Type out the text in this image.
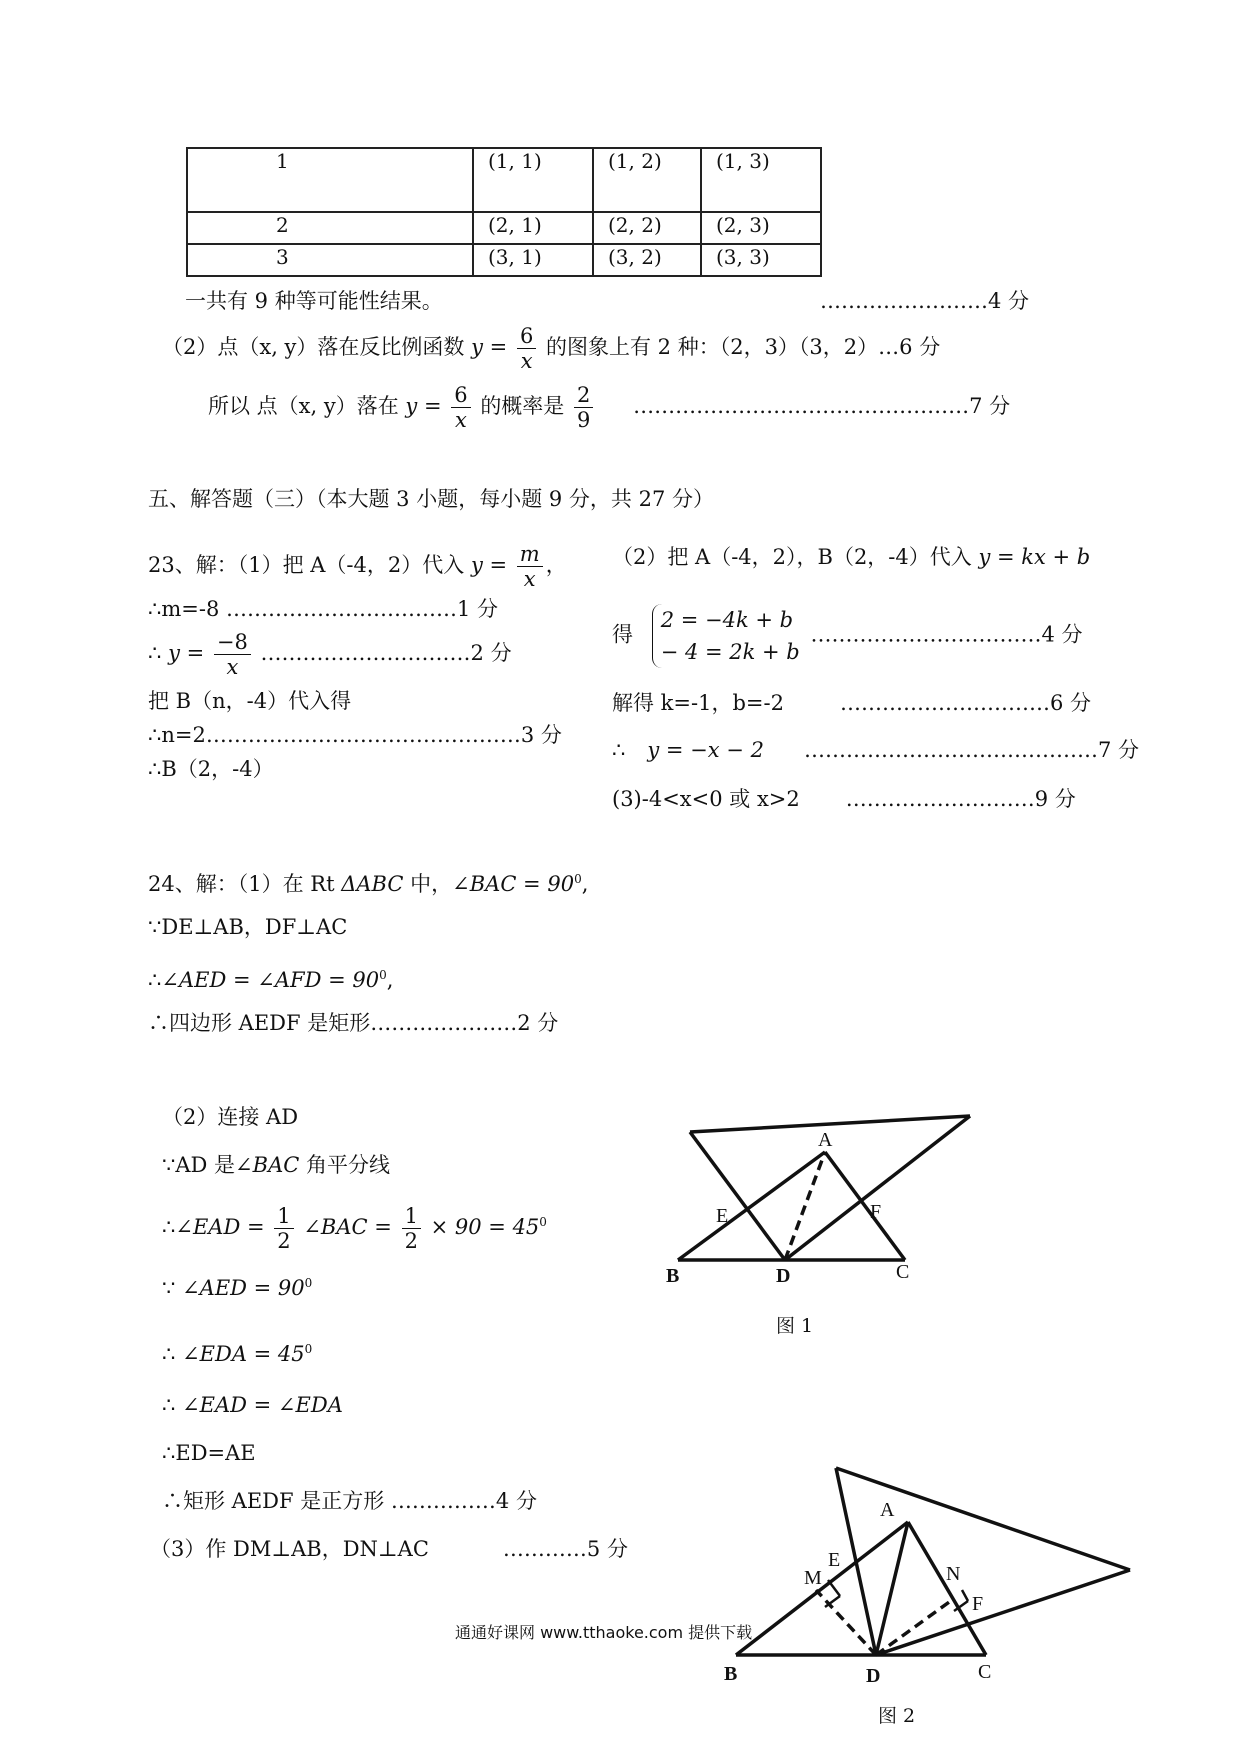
1	(1, 1)	(1, 2)	(1, 3)
2	(2, 1)	(2, 2)	(2, 3)
3	(3, 1)	(3, 2)	(3, 3)
一共有 9 种等可能性结果。	……………………4 分
（2）点（x, y）落在反比例函数 $y = \frac{6}{x}$ 的图象上有 2 种：（2，3）（3，2）…6 分
所以 点（x, y）落在 $y = \frac{6}{x}$ 的概率是 $\frac{2}{9}$ …………………………………………7 分
五、解答题（三）（本大题 3 小题，每小题 9 分，共 27 分）
23、解：（1）把 A（-4，2）代入 $y = \frac{m}{x}$ ，
∴m=-8 ……………………………1 分
∴ $y = \frac{-8}{x}$ …………………………2 分
把 B（n，-4）代入得
∴n=2………………………………………3 分
∴B（2，-4）
（2）把 A（-4，2），B（2，-4）代入 y = kx + b
得
2 = −4k + b
− 4 = 2k + b
……………………………4 分
解得 k=-1，b=-2	…………………………6 分
∴ y = −x − 2 ……………………………………7 分
(3)-4<x<0 或 x>2 ………………………9 分
24、解：（1）在 Rt ΔABC 中，∠BAC = $90^0$,
∵DE⊥AB，DF⊥AC
∴∠AED = ∠AFD = $90^0$,
∴四边形 AEDF 是矩形…………………2 分
（2）连接 AD
∵AD 是∠BAC 角平分线
∴∠EAD = $\frac{1}{2}$ ∠BAC = $\frac{1}{2} \times 90 = 45^0$
∵ ∠AED = $90^0$
∴ ∠EDA = $45^0$
∴ ∠EAD = ∠EDA
∴ED=AE
∴矩形 AEDF 是正方形 ……………4 分
（3）作 DM⊥AB，DN⊥AC	…………5 分
A
B	C
D
E	F
图 1
A
B	C
D
E
F
M	N
图 2
通通好课网 www.tthaoke.com 提供下载
